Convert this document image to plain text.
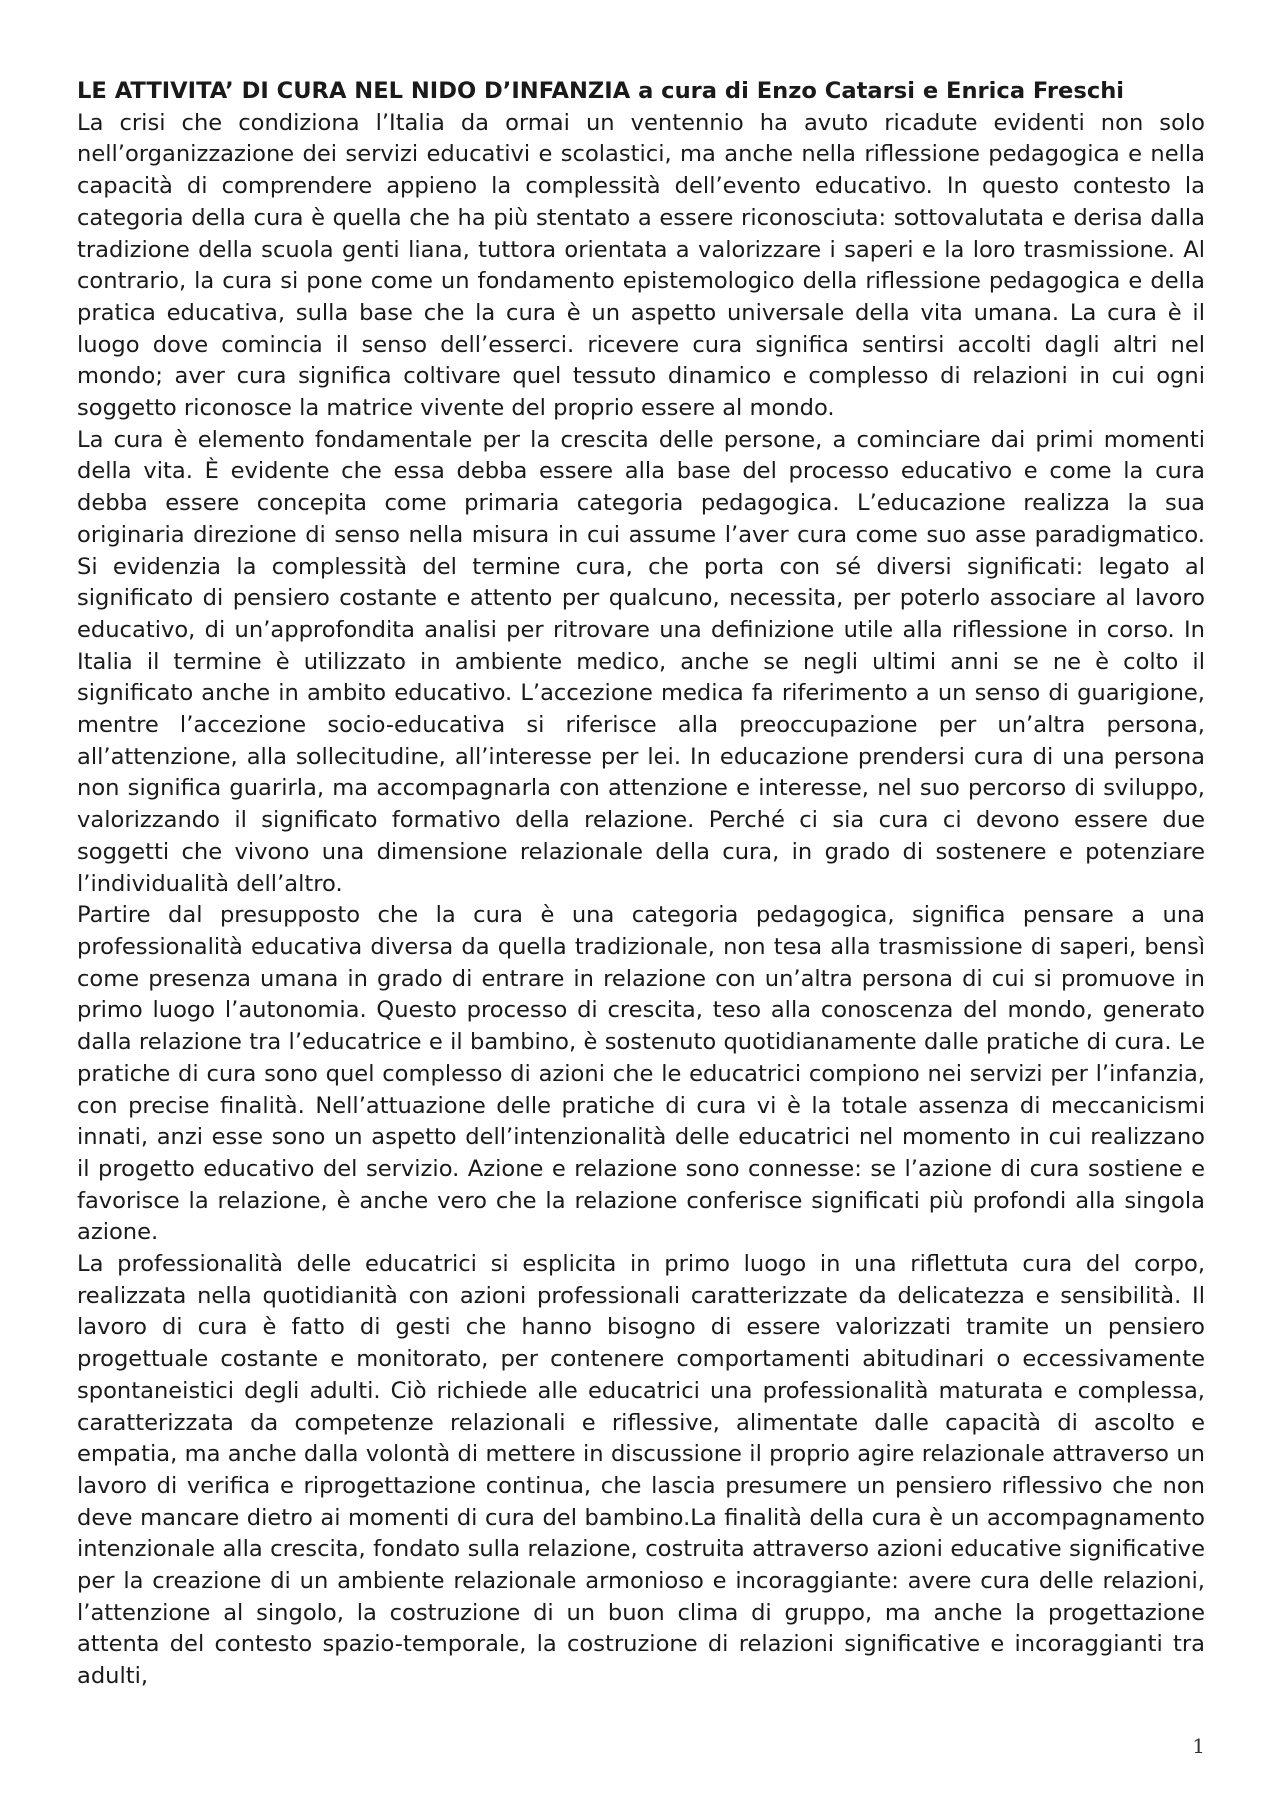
LE ATTIVITA’ DI CURA NEL NIDO D’INFANZIA a cura di Enzo Catarsi e Enrica Freschi

La crisi che condiziona l’Italia da ormai un ventennio ha avuto ricadute evidenti non solo nell’organizzazione dei servizi educativi e scolastici, ma anche nella riflessione pedagogica e nella capacità di comprendere appieno la complessità dell’evento educativo. In questo contesto la categoria della cura è quella che ha più stentato a essere riconosciuta: sottovalutata e derisa dalla tradizione della scuola genti liana, tuttora orientata a valorizzare i saperi e la loro trasmissione. Al contrario, la cura si pone come un fondamento epistemologico della riflessione pedagogica e della pratica educativa, sulla base che la cura è un aspetto universale della vita umana. La cura è il luogo dove comincia il senso dell’esserci. ricevere cura significa sentirsi accolti dagli altri nel mondo; aver cura significa coltivare quel tessuto dinamico e complesso di relazioni in cui ogni soggetto riconosce la matrice vivente del proprio essere al mondo.

La cura è elemento fondamentale per la crescita delle persone, a cominciare dai primi momenti della vita. È evidente che essa debba essere alla base del processo educativo e come la cura debba essere concepita come primaria categoria pedagogica. L’educazione realizza la sua originaria direzione di senso nella misura in cui assume l’aver cura come suo asse paradigmatico. Si evidenzia la complessità del termine cura, che porta con sé diversi significati: legato al significato di pensiero costante e attento per qualcuno, necessita, per poterlo associare al lavoro educativo, di un’approfondita analisi per ritrovare una definizione utile alla riflessione in corso. In Italia il termine è utilizzato in ambiente medico, anche se negli ultimi anni se ne è colto il significato anche in ambito educativo. L’accezione medica fa riferimento a un senso di guarigione, mentre l’accezione socio-educativa si riferisce alla preoccupazione per un’altra persona, all’attenzione, alla sollecitudine, all’interesse per lei. In educazione prendersi cura di una persona non significa guarirla, ma accompagnarla con attenzione e interesse, nel suo percorso di sviluppo, valorizzando il significato formativo della relazione. Perché ci sia cura ci devono essere due soggetti che vivono una dimensione relazionale della cura, in grado di sostenere e potenziare l’individualità dell’altro.

Partire dal presupposto che la cura è una categoria pedagogica, significa pensare a una professionalità educativa diversa da quella tradizionale, non tesa alla trasmissione di saperi, bensì come presenza umana in grado di entrare in relazione con un’altra persona di cui si promuove in primo luogo l’autonomia. Questo processo di crescita, teso alla conoscenza del mondo, generato dalla relazione tra l’educatrice e il bambino, è sostenuto quotidianamente dalle pratiche di cura. Le pratiche di cura sono quel complesso di azioni che le educatrici compiono nei servizi per l’infanzia, con precise finalità. Nell’attuazione delle pratiche di cura vi è la totale assenza di meccanicismi innati, anzi esse sono un aspetto dell’intenzionalità delle educatrici nel momento in cui realizzano il progetto educativo del servizio. Azione e relazione sono connesse: se l’azione di cura sostiene e favorisce la relazione, è anche vero che la relazione conferisce significati più profondi alla singola azione.

La professionalità delle educatrici si esplicita in primo luogo in una riflettuta cura del corpo, realizzata nella quotidianità con azioni professionali caratterizzate da delicatezza e sensibilità. Il lavoro di cura è fatto di gesti che hanno bisogno di essere valorizzati tramite un pensiero progettuale costante e monitorato, per contenere comportamenti abitudinari o eccessivamente spontaneistici degli adulti. Ciò richiede alle educatrici una professionalità maturata e complessa, caratterizzata da competenze relazionali e riflessive, alimentate dalle capacità di ascolto e empatia, ma anche dalla volontà di mettere in discussione il proprio agire relazionale attraverso un lavoro di verifica e riprogettazione continua, che lascia presumere un pensiero riflessivo che non deve mancare dietro ai momenti di cura del bambino.La finalità della cura è un accompagnamento intenzionale alla crescita, fondato sulla relazione, costruita attraverso azioni educative significative per la creazione di un ambiente relazionale armonioso e incoraggiante: avere cura delle relazioni, l’attenzione al singolo, la costruzione di un buon clima di gruppo, ma anche la progettazione attenta del contesto spazio-temporale, la costruzione di relazioni significative e incoraggianti tra adulti,

1
